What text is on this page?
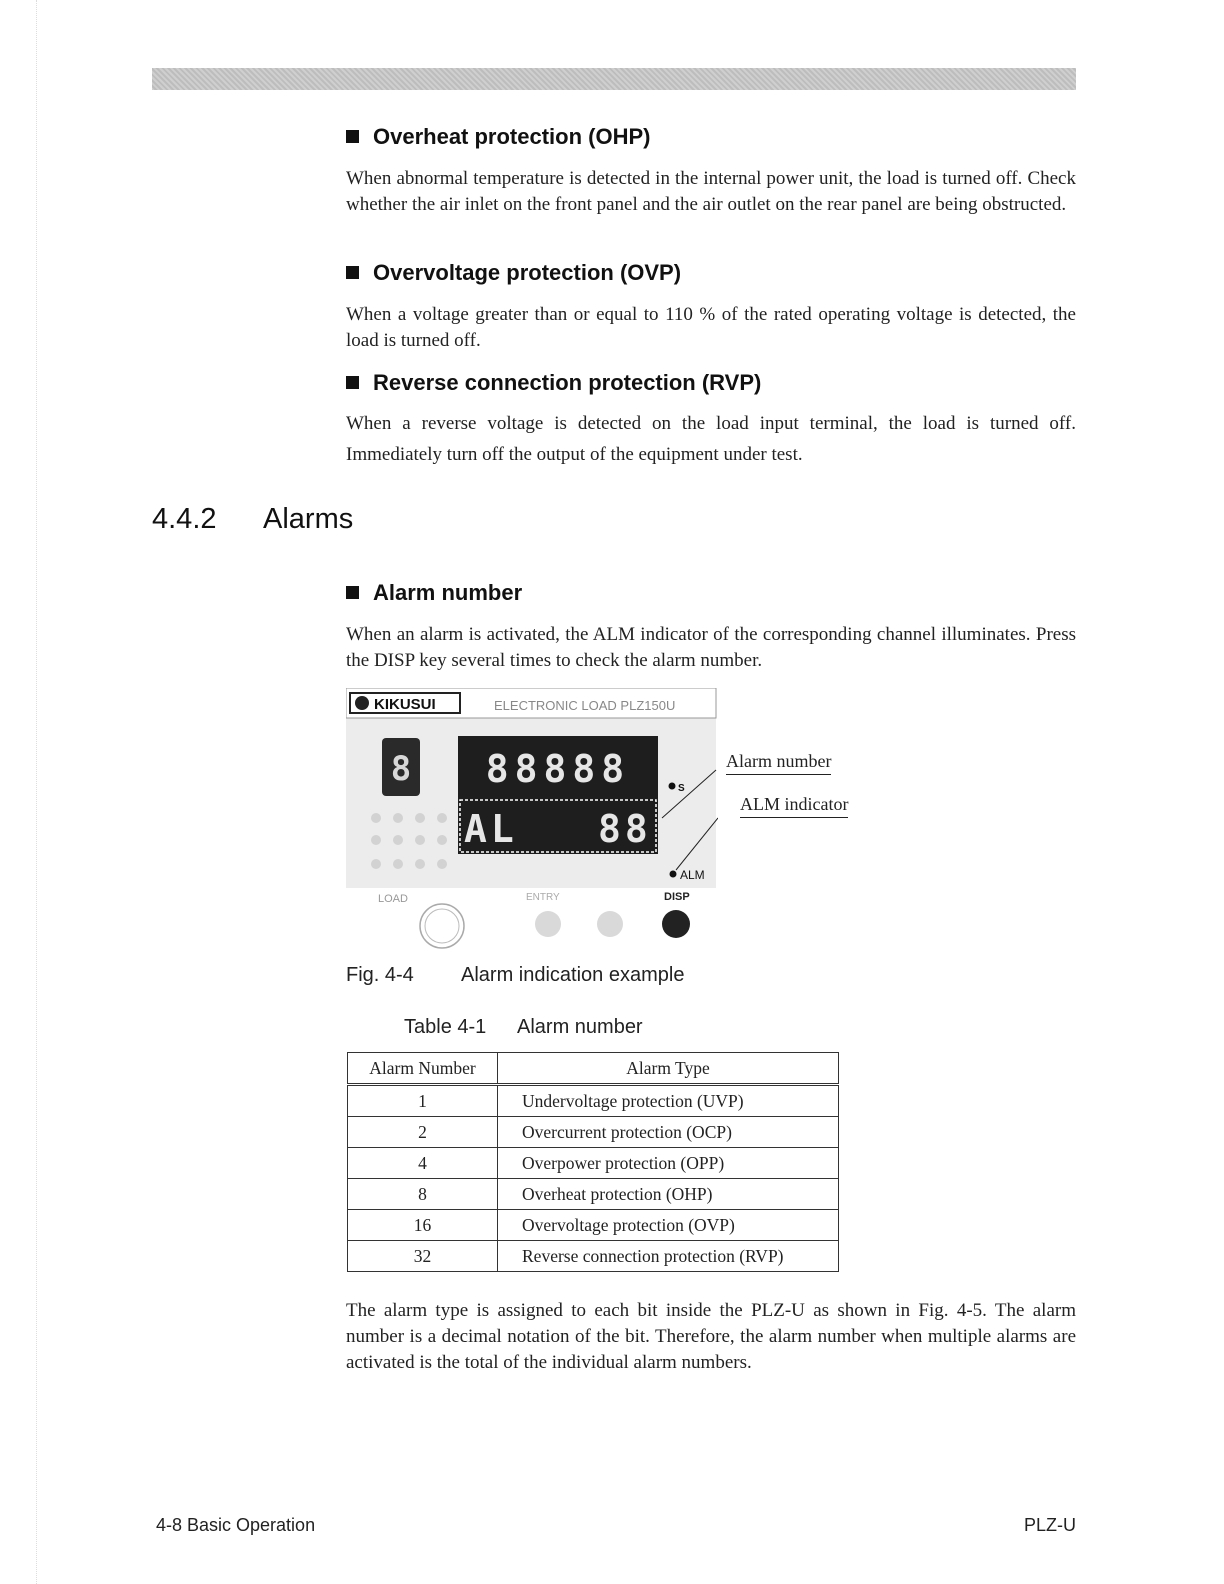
Overheat protection (OHP)
When abnormal temperature is detected in the internal power unit, the load is turned off. Check whether the air inlet on the front panel and the air outlet on the rear panel are being obstructed.
Overvoltage protection (OVP)
When a voltage greater than or equal to 110 % of the rated operating voltage is detected, the load is turned off.
Reverse connection protection (RVP)
When a reverse voltage is detected on the load input terminal, the load is turned off. Immediately turn off the output of the equipment under test.
4.4.2 Alarms
Alarm number
When an alarm is activated, the ALM indicator of the corresponding channel illuminates. Press the DISP key several times to check the alarm number.
KIKUSUI	ELECTRONIC LOAD PLZ150U
8 88888
AL 88
S
ALM
LOAD	ENTRY	DISP
Alarm number
ALM indicator
Fig. 4-4 Alarm indication example
Table 4-1 Alarm number
Alarm Number	Alarm Type
1	Undervoltage protection (UVP)
2	Overcurrent protection (OCP)
4	Overpower protection (OPP)
8	Overheat protection (OHP)
16	Overvoltage protection (OVP)
32	Reverse connection protection (RVP)
The alarm type is assigned to each bit inside the PLZ-U as shown in Fig. 4-5. The alarm number is a decimal notation of the bit. Therefore, the alarm number when multiple alarms are activated is the total of the individual alarm numbers.
4-8 Basic Operation	PLZ-U
